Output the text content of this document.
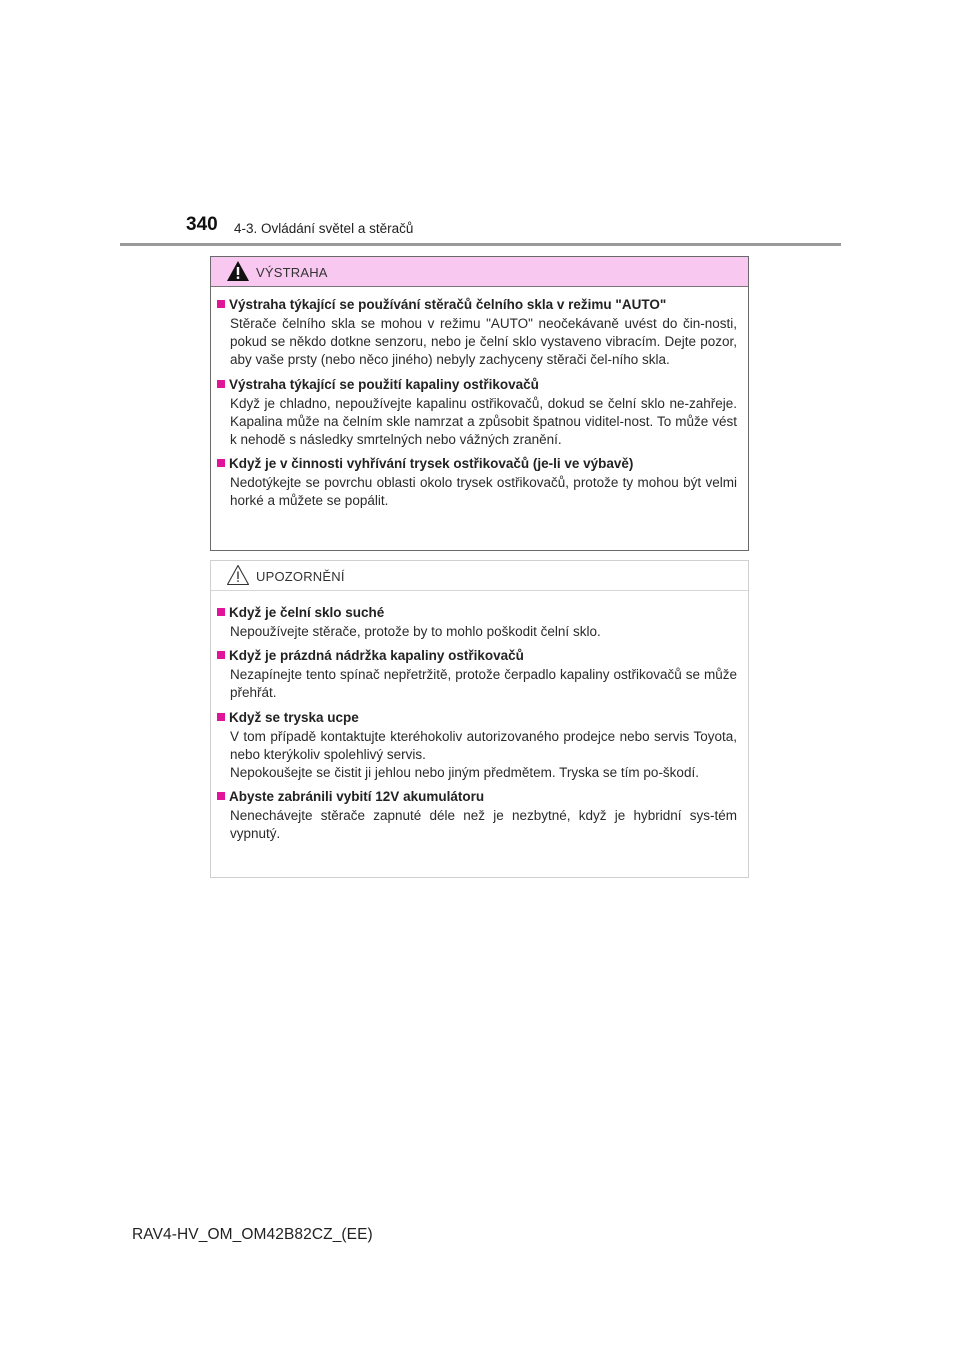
340 4-3. Ovládání světel a stěračů
VÝSTRAHA
Výstraha týkající se používání stěračů čelního skla v režimu "AUTO"

Stěrače čelního skla se mohou v režimu "AUTO" neočekávaně uvést do čin-nosti, pokud se někdo dotkne senzoru, nebo je čelní sklo vystaveno vibracím. Dejte pozor, aby vaše prsty (nebo něco jiného) nebyly zachyceny stěrači čel-ního skla.

Výstraha týkající se použití kapaliny ostřikovačů

Když je chladno, nepoužívejte kapalinu ostřikovačů, dokud se čelní sklo ne-zahřeje. Kapalina může na čelním skle namrzat a způsobit špatnou viditel-nost. To může vést k nehodě s následky smrtelných nebo vážných zranění.

Když je v činnosti vyhřívání trysek ostřikovačů (je-li ve výbavě)

Nedotýkejte se povrchu oblasti okolo trysek ostřikovačů, protože ty mohou být velmi horké a můžete se popálit.

UPOZORNĚNÍ
Když je čelní sklo suché

Nepoužívejte stěrače, protože by to mohlo poškodit čelní sklo.

Když je prázdná nádržka kapaliny ostřikovačů

Nezapínejte tento spínač nepřetržitě, protože čerpadlo kapaliny ostřikovačů se může přehřát.

Když se tryska ucpe

V tom případě kontaktujte kteréhokoliv autorizovaného prodejce nebo servis Toyota, nebo kterýkoliv spolehlivý servis.

Nepokoušejte se čistit ji jehlou nebo jiným předmětem. Tryska se tím po-škodí.

Abyste zabránili vybití 12V akumulátoru

Nenechávejte stěrače zapnuté déle než je nezbytné, když je hybridní sys-tém vypnutý.

RAV4-HV_OM_OM42B82CZ_(EE)
